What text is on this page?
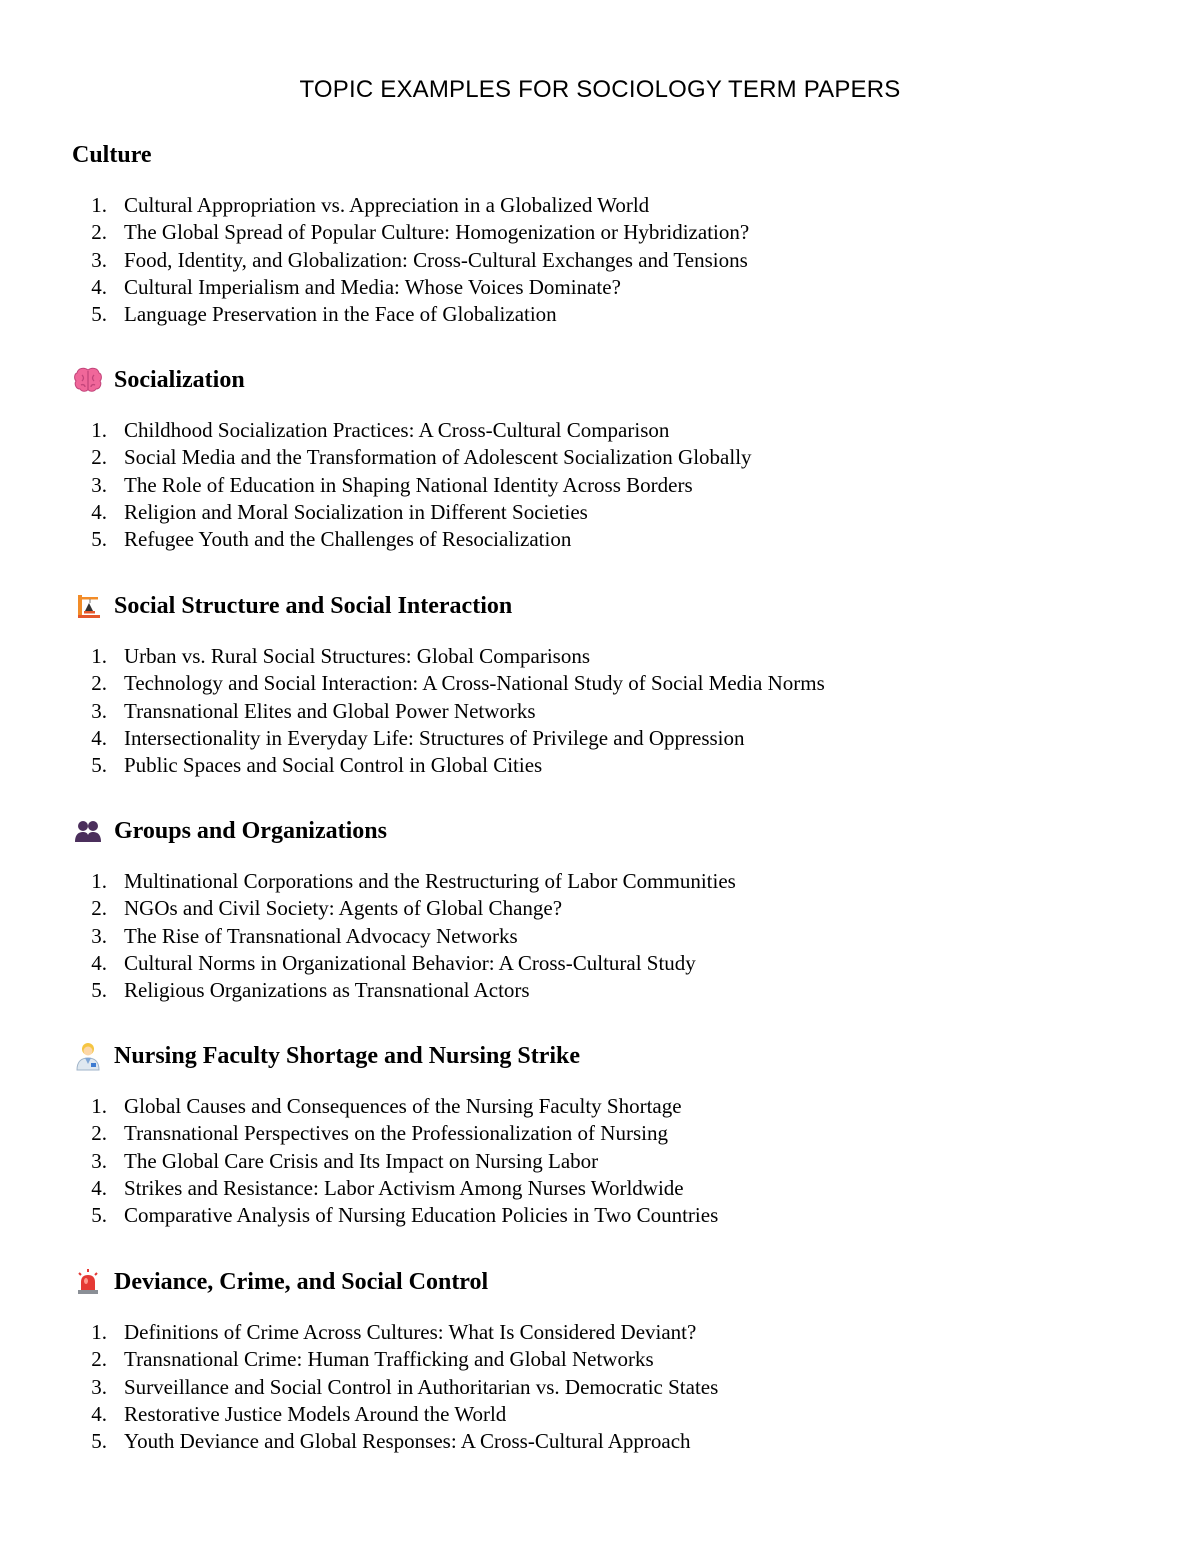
TOPIC EXAMPLES FOR SOCIOLOGY TERM PAPERS
Culture
1. Cultural Appropriation vs. Appreciation in a Globalized World
2. The Global Spread of Popular Culture: Homogenization or Hybridization?
3. Food, Identity, and Globalization: Cross-Cultural Exchanges and Tensions
4. Cultural Imperialism and Media: Whose Voices Dominate?
5. Language Preservation in the Face of Globalization
Socialization
1. Childhood Socialization Practices: A Cross-Cultural Comparison
2. Social Media and the Transformation of Adolescent Socialization Globally
3. The Role of Education in Shaping National Identity Across Borders
4. Religion and Moral Socialization in Different Societies
5. Refugee Youth and the Challenges of Resocialization
Social Structure and Social Interaction
1. Urban vs. Rural Social Structures: Global Comparisons
2. Technology and Social Interaction: A Cross-National Study of Social Media Norms
3. Transnational Elites and Global Power Networks
4. Intersectionality in Everyday Life: Structures of Privilege and Oppression
5. Public Spaces and Social Control in Global Cities
Groups and Organizations
1. Multinational Corporations and the Restructuring of Labor Communities
2. NGOs and Civil Society: Agents of Global Change?
3. The Rise of Transnational Advocacy Networks
4. Cultural Norms in Organizational Behavior: A Cross-Cultural Study
5. Religious Organizations as Transnational Actors
Nursing Faculty Shortage and Nursing Strike
1. Global Causes and Consequences of the Nursing Faculty Shortage
2. Transnational Perspectives on the Professionalization of Nursing
3. The Global Care Crisis and Its Impact on Nursing Labor
4. Strikes and Resistance: Labor Activism Among Nurses Worldwide
5. Comparative Analysis of Nursing Education Policies in Two Countries
Deviance, Crime, and Social Control
1. Definitions of Crime Across Cultures: What Is Considered Deviant?
2. Transnational Crime: Human Trafficking and Global Networks
3. Surveillance and Social Control in Authoritarian vs. Democratic States
4. Restorative Justice Models Around the World
5. Youth Deviance and Global Responses: A Cross-Cultural Approach
